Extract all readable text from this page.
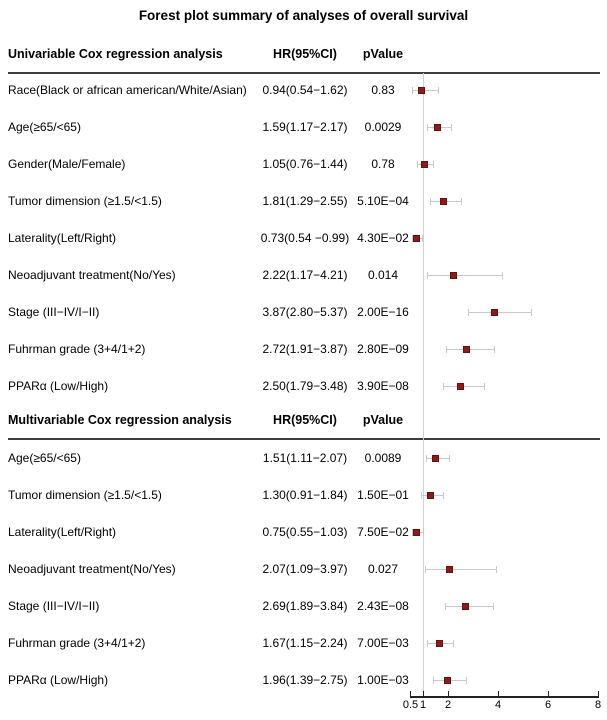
Forest plot summary of analyses of overall survival
Univariable Cox regression analysis	HR(95%CI)	pValue
Race(Black or african american/White/Asian)	0.94(0.54−1.62)	0.83
Age(≥65/<65)	1.59(1.17−2.17)	0.0029
Gender(Male/Female)	1.05(0.76−1.44)	0.78
Tumor dimension (≥1.5/<1.5)	1.81(1.29−2.55) 5.10E−04
Laterality(Left/Right)	0.73(0.54 −0.99) 4.30E−02
Neoadjuvant treatment(No/Yes)	2.22(1.17−4.21)	0.014
Stage (III−IV/I−II)	3.87(2.80−5.37) 2.00E−16
Fuhrman grade (3+4/1+2)	2.72(1.91−3.87) 2.80E−09
PPARα (Low/High)	2.50(1.79−3.48) 3.90E−08
Multivariable Cox regression analysis	HR(95%CI)	pValue
Age(≥65/<65)	1.51(1.11−2.07)	0.0089
Tumor dimension (≥1.5/<1.5)	1.30(0.91−1.84) 1.50E−01
Laterality(Left/Right)	0.75(0.55−1.03) 7.50E−02
Neoadjuvant treatment(No/Yes)	2.07(1.09−3.97)	0.027
Stage (III−IV/I−II)	2.69(1.89−3.84) 2.43E−08
Fuhrman grade (3+4/1+2)	1.67(1.15−2.24) 7.00E−03
PPARα (Low/High)	1.96(1.39−2.75) 1.00E−03
0.5 1	2	4	6	8
